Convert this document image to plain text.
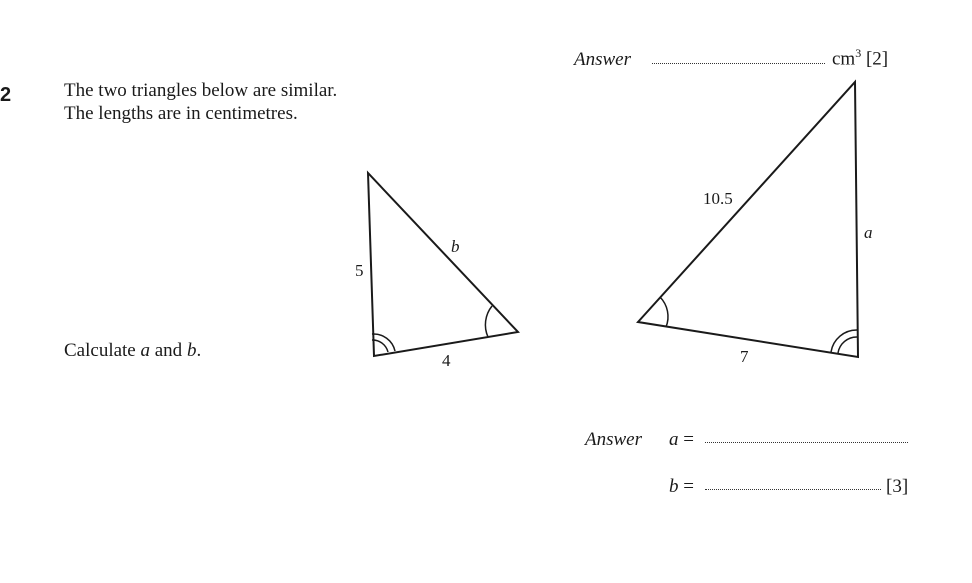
Answer	$cm^3$ [2]
2	The two triangles below are similar.
The lengths are in centimetres.
Calculate a and b.
5
4
b
10.5
a
7
Answer a =
b =	[3]
